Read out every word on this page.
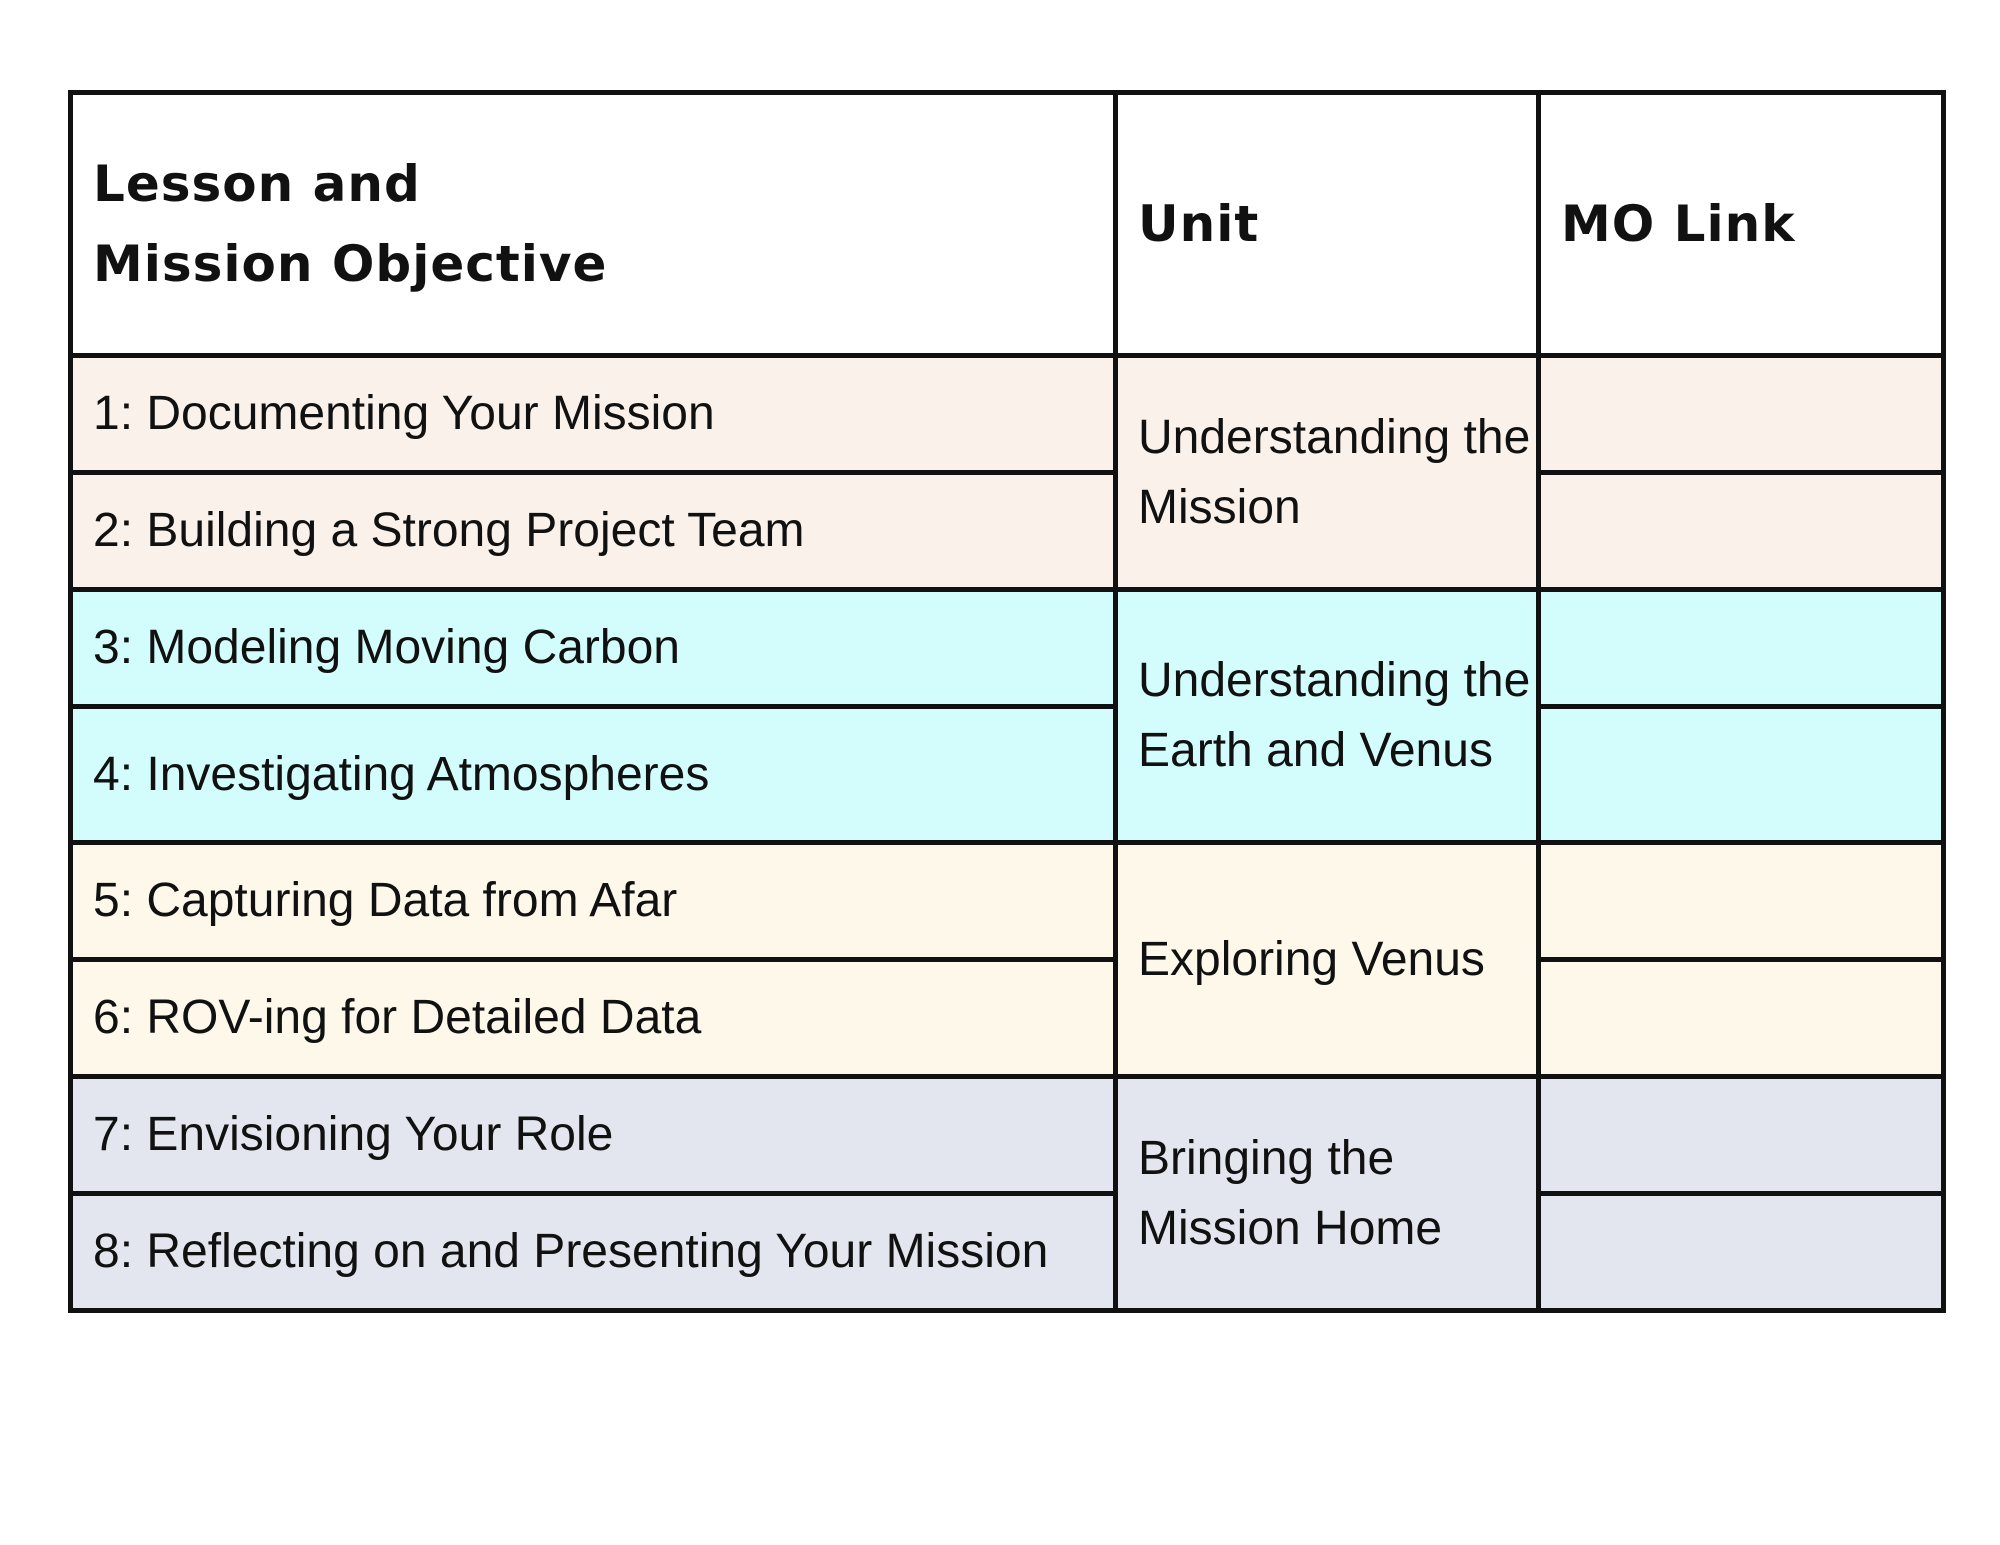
Lesson and
Mission Objective	Unit	MO Link
1: Documenting Your Mission	Understanding the Mission	
2: Building a Strong Project Team		
3: Modeling Moving Carbon	Understanding the Earth and Venus	
4: Investigating Atmospheres		
5: Capturing Data from Afar	Exploring Venus	
6: ROV-ing for Detailed Data		
7: Envisioning Your Role	Bringing the Mission Home	
8: Reflecting on and Presenting Your Mission		
